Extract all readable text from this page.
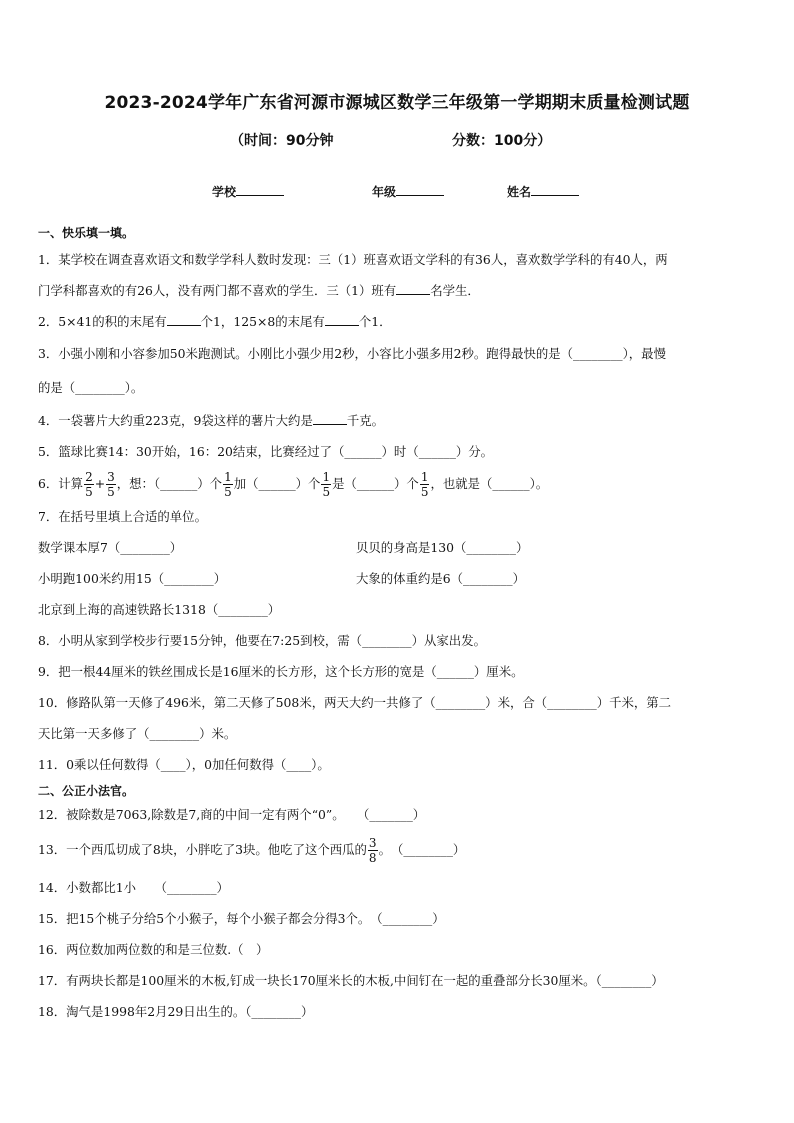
2023-2024学年广东省河源市源城区数学三年级第一学期期末质量检测试题
（时间：90分钟	分数：100分）
学校	年级	姓名
一、快乐填一填。
1．某学校在调查喜欢语文和数学学科人数时发现：三（1）班喜欢语文学科的有36人，喜欢数学学科的有40人，两
门学科都喜欢的有26人，没有两门都不喜欢的学生．三（1）班有	名学生．
2．5×41的积的末尾有	个1，125×8的末尾有	个1．
3．小强小刚和小容参加50米跑测试。小刚比小强少用2秒，小容比小强多用2秒。跑得最快的是（________），最慢
的是（________）。
4．一袋薯片大约重223克，9袋这样的薯片大约是	千克。
5．篮球比赛14：30开始，16：20结束，比赛经过了（______）时（______）分。
6．计算 $\frac{2}{5} + \frac{3}{5}$ ，想：（______）个 $\frac{1}{5}$ 加（______）个 $\frac{1}{5}$ 是（______）个 $\frac{1}{5}$ ，也就是（______）。
7．在括号里填上合适的单位。
数学课本厚7（________）	贝贝的身高是130（________）
小明跑100米约用15（________）	大象的体重约是6（________）
北京到上海的高速铁路长1318（________）
8．小明从家到学校步行要15分钟，他要在7:25到校，需（________）从家出发。
9．把一根44厘米的铁丝围成长是16厘米的长方形，这个长方形的宽是（______）厘米。
10．修路队第一天修了496米，第二天修了508米，两天大约一共修了（________）米，合（________）千米，第二
天比第一天多修了（________）米。
11．0乘以任何数得（____），0加任何数得（____）。
二、公正小法官。
12．被除数是7063,除数是7,商的中间一定有两个“0”。　　（_______）
13．一个西瓜切成了8块，小胖吃了3块。他吃了这个西瓜的 $\frac{3}{8}$ 。　（________）
14．小数都比1小　　（________）
15．把15个桃子分给5个小猴子，每个小猴子都会分得3个。　（________）
16．两位数加两位数的和是三位数.（　）
17．有两块长都是100厘米的木板,钉成一块长170厘米长的木板,中间钉在一起的重叠部分长30厘米。（________）
18．淘气是1998年2月29日出生的。（________）
